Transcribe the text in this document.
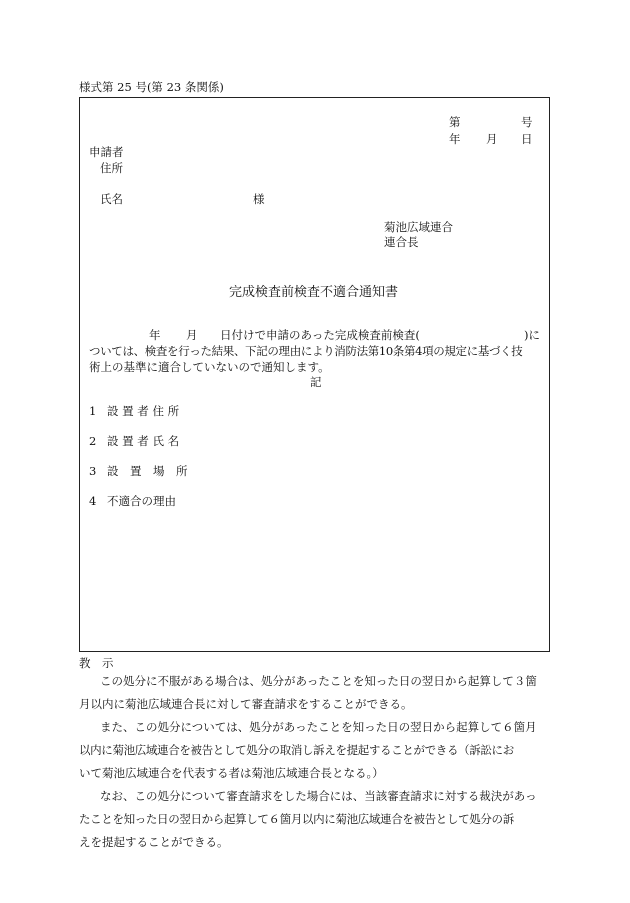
様式第 25 号(第 23 条関係)
第	号
年 月 日
申請者
住所
氏名	様
菊池広域連合
連合長
完成検査前検査不適合通知書
年 月 日付けで申請のあった完成検査前検査(	)に
ついては、検査を行った結果、下記の理由により消防法第10条第4項の規定に基づく技
術上の基準に適合していないので通知します。
記
1 設 置 者 住 所
2 設 置 者 氏 名
3 設　置　場　所
4 不適合の理由
教　示
この処分に不服がある場合は、処分があったことを知った日の翌日から起算して３箇
月以内に菊池広域連合長に対して審査請求をすることができる。
また、この処分については、処分があったことを知った日の翌日から起算して６箇月
以内に菊池広域連合を被告として処分の取消し訴えを提起することができる（訴訟にお
いて菊池広域連合を代表する者は菊池広域連合長となる。）
なお、この処分について審査請求をした場合には、当該審査請求に対する裁決があっ
たことを知った日の翌日から起算して６箇月以内に菊池広域連合を被告として処分の訴
えを提起することができる。
